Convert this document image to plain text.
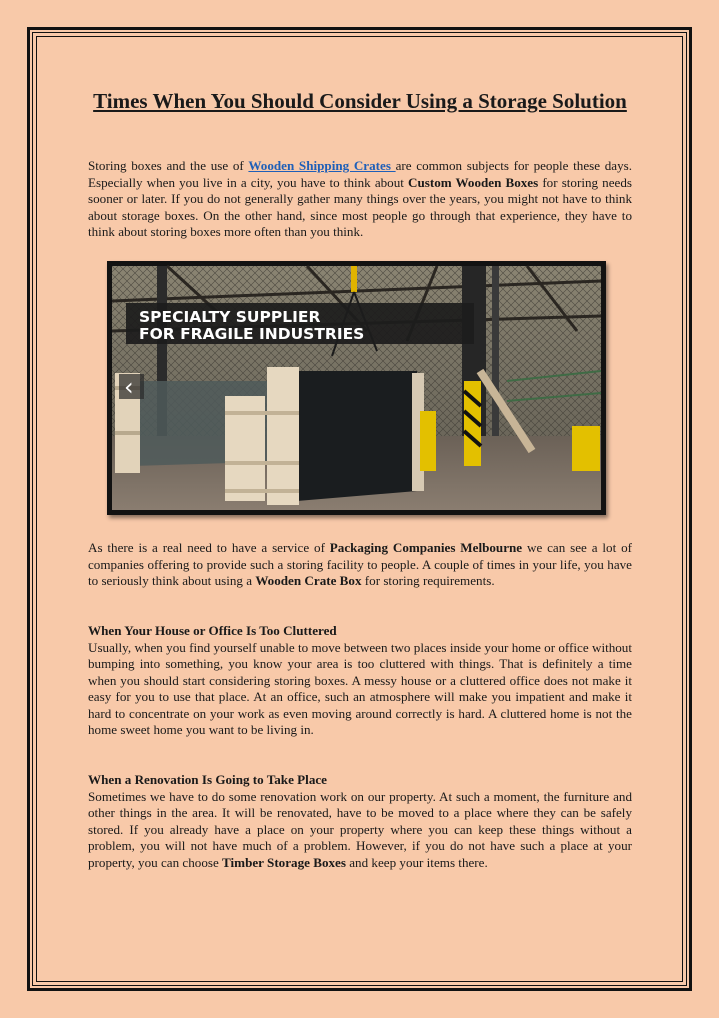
Times When You Should Consider Using a Storage Solution

Storing boxes and the use of Wooden Shipping Crates are common subjects for people these days. Especially when you live in a city, you have to think about Custom Wooden Boxes for storing needs sooner or later. If you do not generally gather many things over the years, you might not have to think about storage boxes. On the other hand, since most people go through that experience, they have to think about storing boxes more often than you think.

SPECIALTY SUPPLIER
FOR FRAGILE INDUSTRIES
‹

As there is a real need to have a service of Packaging Companies Melbourne we can see a lot of companies offering to provide such a storing facility to people. A couple of times in your life, you have to seriously think about using a Wooden Crate Box for storing requirements.

When Your House or Office Is Too Cluttered
Usually, when you find yourself unable to move between two places inside your home or office without bumping into something, you know your area is too cluttered with things. That is definitely a time when you should start considering storing boxes. A messy house or a cluttered office does not make it easy for you to use that place. At an office, such an atmosphere will make you impatient and make it hard to concentrate on your work as even moving around correctly is hard. A cluttered home is not the home sweet home you want to be living in.

When a Renovation Is Going to Take Place
Sometimes we have to do some renovation work on our property. At such a moment, the furniture and other things in the area. It will be renovated, have to be moved to a place where they can be safely stored. If you already have a place on your property where you can keep these things without a problem, you will not have much of a problem. However, if you do not have such a place at your property, you can choose Timber Storage Boxes and keep your items there.
